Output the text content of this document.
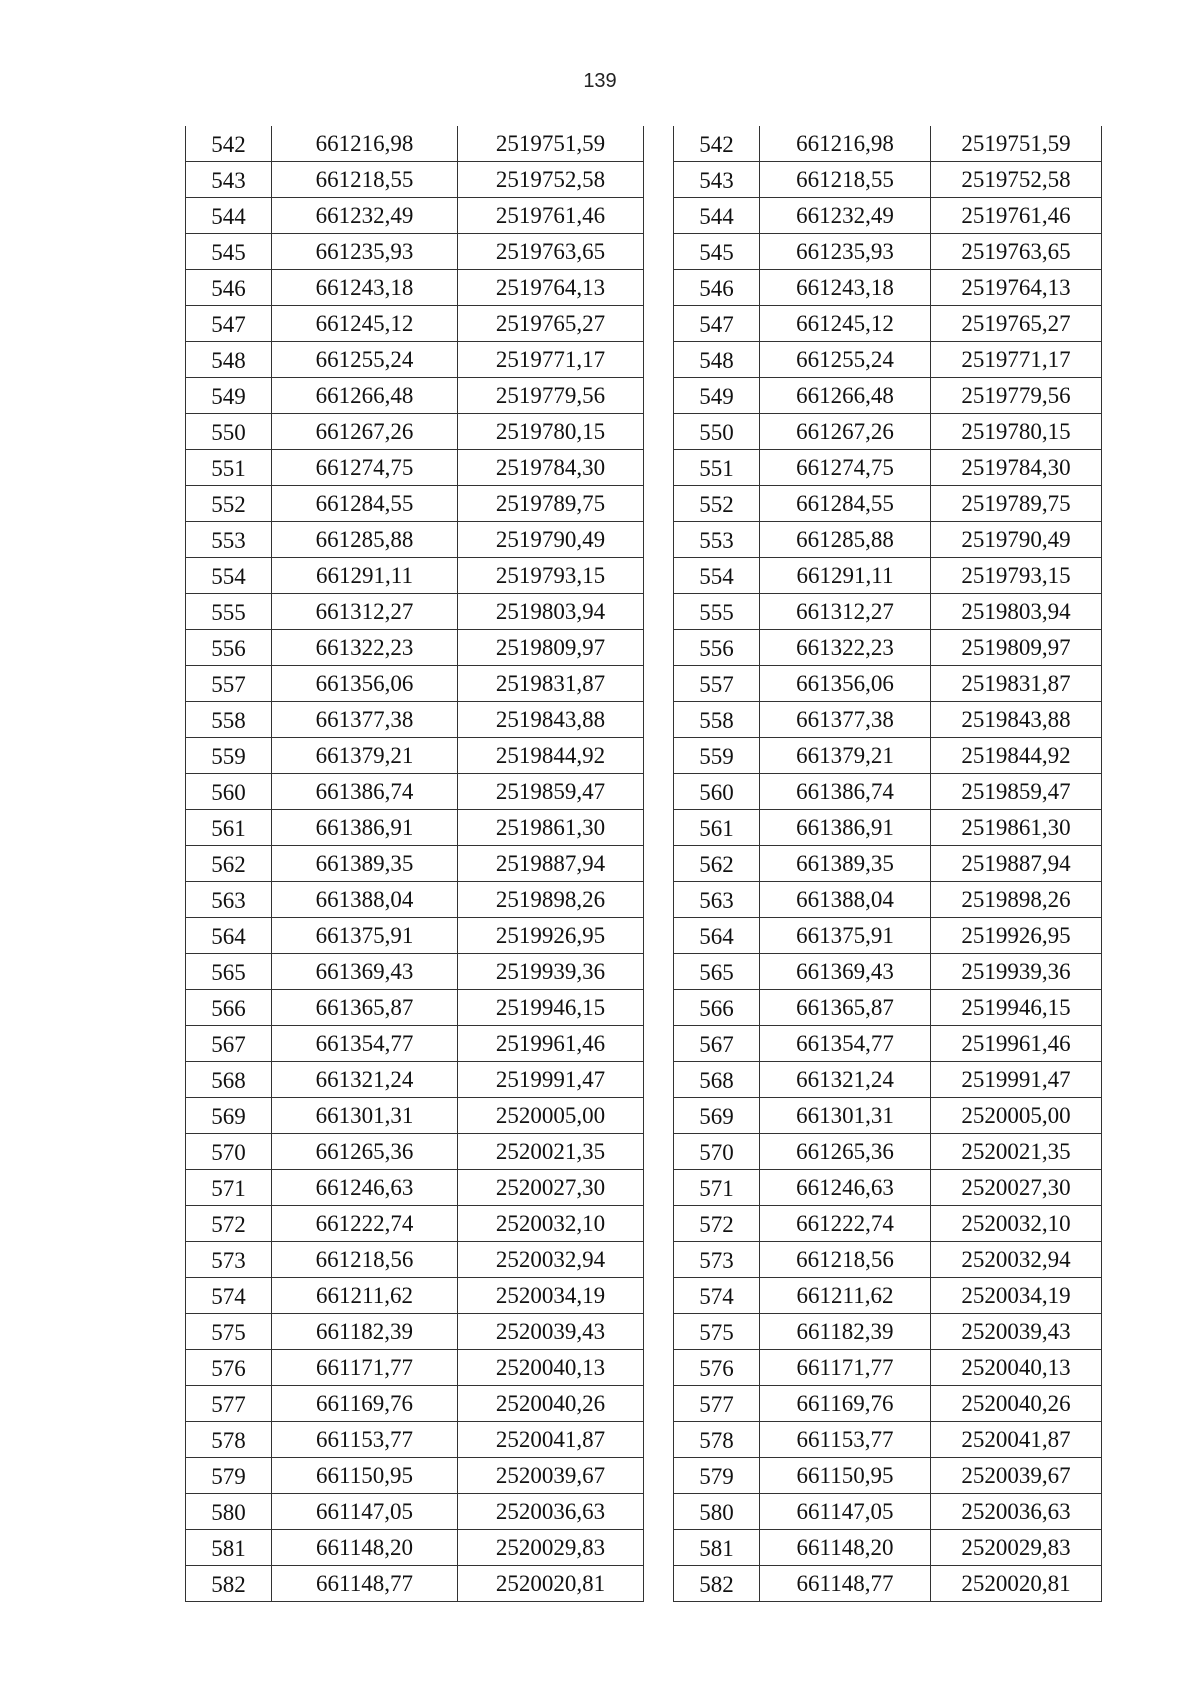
139
542	661216,98	2519751,59
543	661218,55	2519752,58
544	661232,49	2519761,46
545	661235,93	2519763,65
546	661243,18	2519764,13
547	661245,12	2519765,27
548	661255,24	2519771,17
549	661266,48	2519779,56
550	661267,26	2519780,15
551	661274,75	2519784,30
552	661284,55	2519789,75
553	661285,88	2519790,49
554	661291,11	2519793,15
555	661312,27	2519803,94
556	661322,23	2519809,97
557	661356,06	2519831,87
558	661377,38	2519843,88
559	661379,21	2519844,92
560	661386,74	2519859,47
561	661386,91	2519861,30
562	661389,35	2519887,94
563	661388,04	2519898,26
564	661375,91	2519926,95
565	661369,43	2519939,36
566	661365,87	2519946,15
567	661354,77	2519961,46
568	661321,24	2519991,47
569	661301,31	2520005,00
570	661265,36	2520021,35
571	661246,63	2520027,30
572	661222,74	2520032,10
573	661218,56	2520032,94
574	661211,62	2520034,19
575	661182,39	2520039,43
576	661171,77	2520040,13
577	661169,76	2520040,26
578	661153,77	2520041,87
579	661150,95	2520039,67
580	661147,05	2520036,63
581	661148,20	2520029,83
582	661148,77	2520020,81
542	661216,98	2519751,59
543	661218,55	2519752,58
544	661232,49	2519761,46
545	661235,93	2519763,65
546	661243,18	2519764,13
547	661245,12	2519765,27
548	661255,24	2519771,17
549	661266,48	2519779,56
550	661267,26	2519780,15
551	661274,75	2519784,30
552	661284,55	2519789,75
553	661285,88	2519790,49
554	661291,11	2519793,15
555	661312,27	2519803,94
556	661322,23	2519809,97
557	661356,06	2519831,87
558	661377,38	2519843,88
559	661379,21	2519844,92
560	661386,74	2519859,47
561	661386,91	2519861,30
562	661389,35	2519887,94
563	661388,04	2519898,26
564	661375,91	2519926,95
565	661369,43	2519939,36
566	661365,87	2519946,15
567	661354,77	2519961,46
568	661321,24	2519991,47
569	661301,31	2520005,00
570	661265,36	2520021,35
571	661246,63	2520027,30
572	661222,74	2520032,10
573	661218,56	2520032,94
574	661211,62	2520034,19
575	661182,39	2520039,43
576	661171,77	2520040,13
577	661169,76	2520040,26
578	661153,77	2520041,87
579	661150,95	2520039,67
580	661147,05	2520036,63
581	661148,20	2520029,83
582	661148,77	2520020,81
